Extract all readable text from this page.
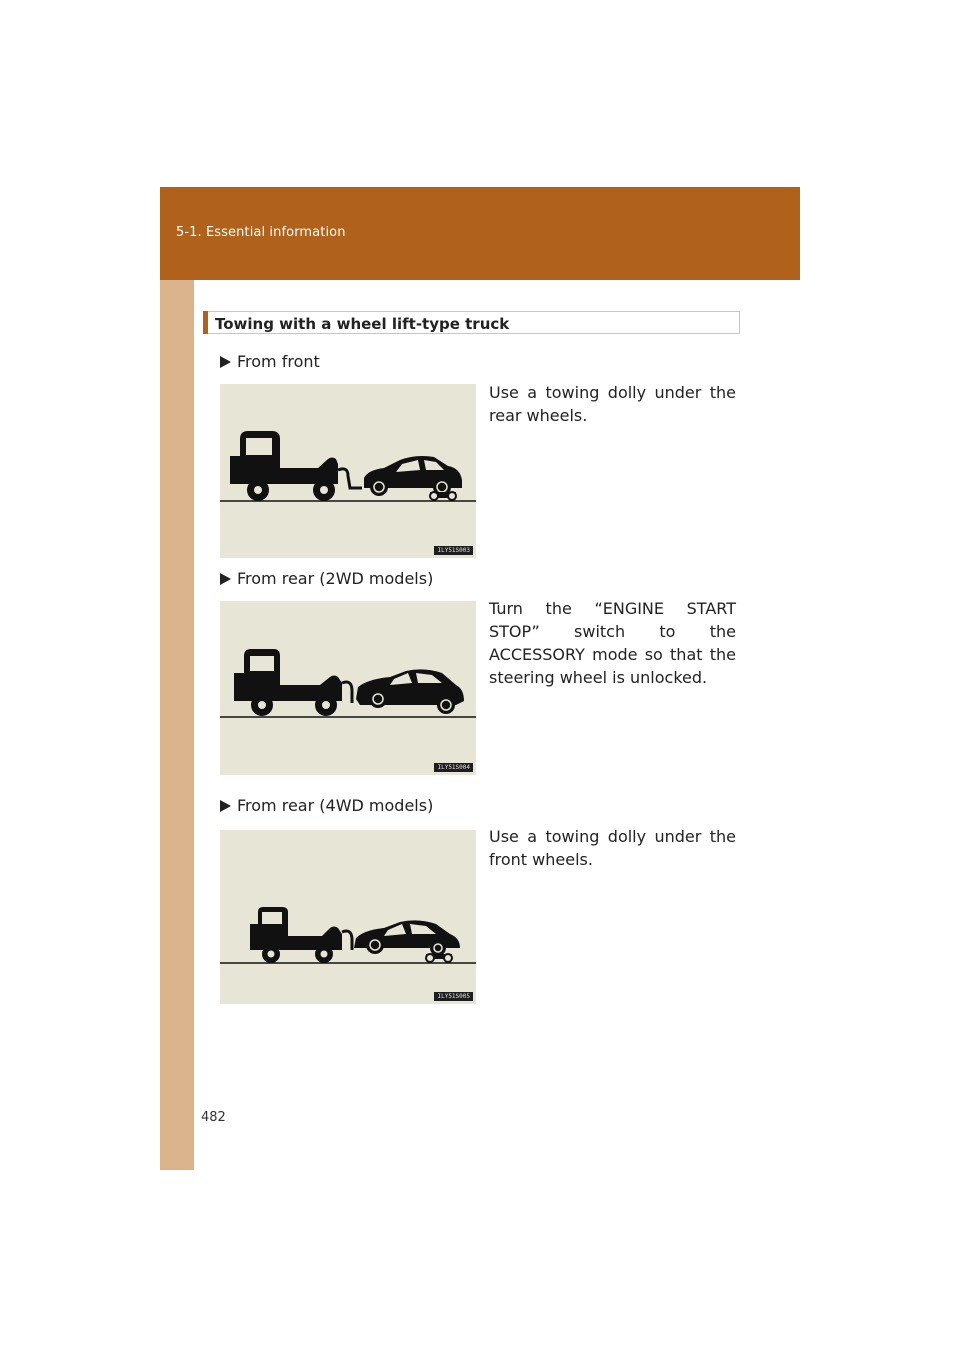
5-1. Essential information
Towing with a wheel lift-type truck
From front
ILY51S003
Use a towing dolly under the rear wheels.
From rear (2WD models)
ILY51S004
Turn the “ENGINE START STOP” switch to the ACCESSORY mode so that the steering wheel is unlocked.
From rear (4WD models)
ILY51S005
Use a towing dolly under the front wheels.
482
